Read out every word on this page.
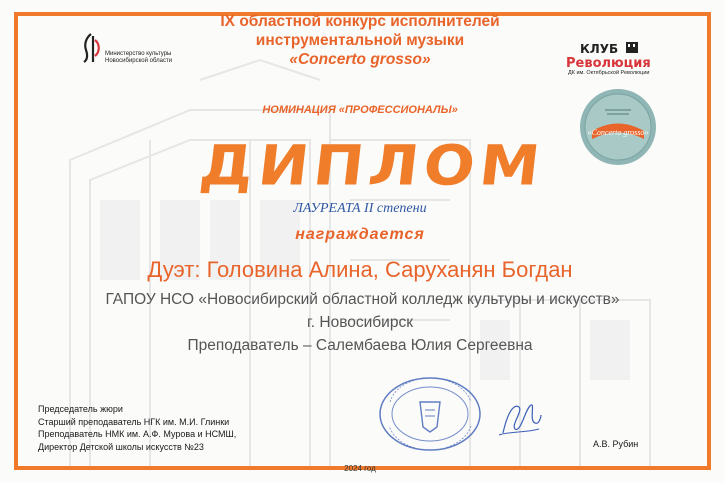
Министерство культуры
Новосибирской области
IX областной конкурс исполнителей
инструментальной музыки
«Concerto grosso»
КЛУБ
Революция
ДК им. Октябрьской Революции
«Concerto grosso»
НОМИНАЦИЯ «ПРОФЕССИОНАЛЫ»
ДИПЛОМ
ЛАУРЕАТА II степени
награждается
Дуэт: Головина Алина, Саруханян Богдан
ГАПОУ НСО «Новосибирский областной колледж культуры и искусств»
г. Новосибирск
Преподаватель – Салембаева Юлия Сергеевна
Председатель жюри
Старший преподаватель НГК им. М.И. Глинки
Преподаватель НМК им. А.Ф. Мурова и НСМШ,
Директор Детской школы искусств №23	А.В. Рубин
2024 год
